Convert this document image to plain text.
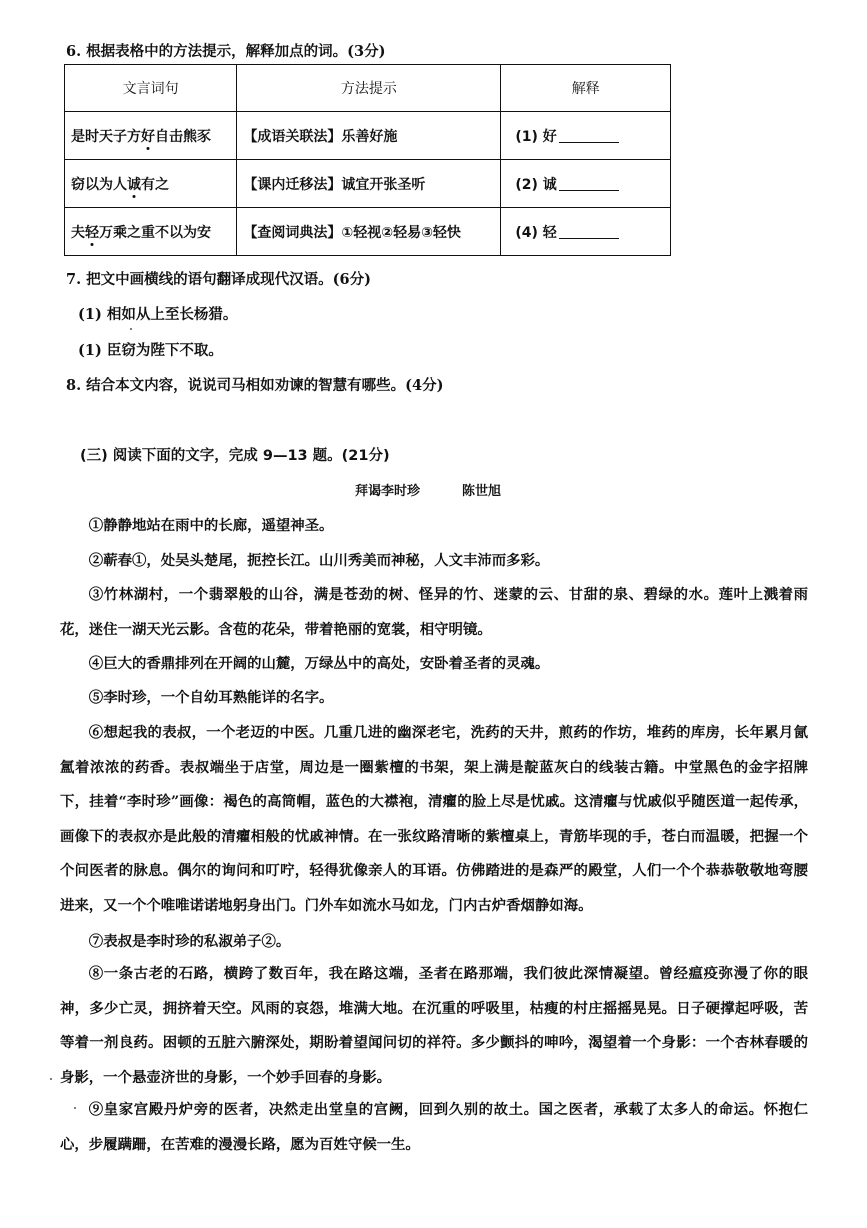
6. 根据表格中的方法提示，解释加点的词。(3分)
文言词句	方法提示	解释
是时天子方好自击熊豕	【成语关联法】乐善好施	(1) 好
窃以为人诚有之	【课内迁移法】诚宜开张圣听	(2) 诚
夫轻万乘之重不以为安	【查阅词典法】①轻视②轻易③轻快	(4) 轻
7. 把文中画横线的语句翻译成现代汉语。(6分)
(1) 相如从上至长杨猎。
(1) 臣窃为陛下不取。
8. 结合本文内容，说说司马相如劝谏的智慧有哪些。(4分)
(三) 阅读下面的文字，完成 9—13 题。(21分)
拜谒李时珍	陈世旭

①静静地站在雨中的长廊，遥望神圣。

②蕲春①，处吴头楚尾，扼控长江。山川秀美而神秘，人文丰沛而多彩。

③竹林湖村，一个翡翠般的山谷，满是苍劲的树、怪异的竹、迷蒙的云、甘甜的泉、碧绿的水。莲叶上溅着雨花，迷住一湖天光云影。含苞的花朵，带着艳丽的宽裳，相守明镜。

④巨大的香鼎排列在开阔的山麓，万绿丛中的高处，安卧着圣者的灵魂。

⑤李时珍，一个自幼耳熟能详的名字。

⑥想起我的表叔，一个老迈的中医。几重几进的幽深老宅，洗药的天井，煎药的作坊，堆药的库房，长年累月氤氲着浓浓的药香。表叔端坐于店堂，周边是一圈紫檀的书架，架上满是靛蓝灰白的线装古籍。中堂黑色的金字招牌下，挂着“李时珍”画像：褐色的高筒帽，蓝色的大襟袍，清癯的脸上尽是忧戚。这清癯与忧戚似乎随医道一起传承，画像下的表叔亦是此般的清癯相般的忧戚神情。在一张纹路清晰的紫檀桌上，青筋毕现的手，苍白而温暖，把握一个个问医者的脉息。偶尔的询问和叮咛，轻得犹像亲人的耳语。仿佛踏进的是森严的殿堂，人们一个个恭恭敬敬地弯腰进来，又一个个唯唯诺诺地躬身出门。门外车如流水马如龙，门内古炉香烟静如海。

⑦表叔是李时珍的私淑弟子②。

⑧一条古老的石路，横跨了数百年，我在路这端，圣者在路那端，我们彼此深情凝望。曾经瘟疫弥漫了你的眼神，多少亡灵，拥挤着天空。风雨的哀怨，堆满大地。在沉重的呼吸里，枯瘦的村庄摇摇晃晃。日子硬撑起呼吸，苦等着一剂良药。困顿的五脏六腑深处，期盼着望闻问切的祥符。多少颤抖的呻吟，渴望着一个身影：一个杏林春暖的身影，一个悬壶济世的身影，一个妙手回春的身影。

⑨皇家宫殿丹炉旁的医者，决然走出堂皇的宫阙，回到久别的故土。国之医者，承载了太多人的命运。怀抱仁心，步履蹒跚，在苦难的漫漫长路，愿为百姓守候一生。
